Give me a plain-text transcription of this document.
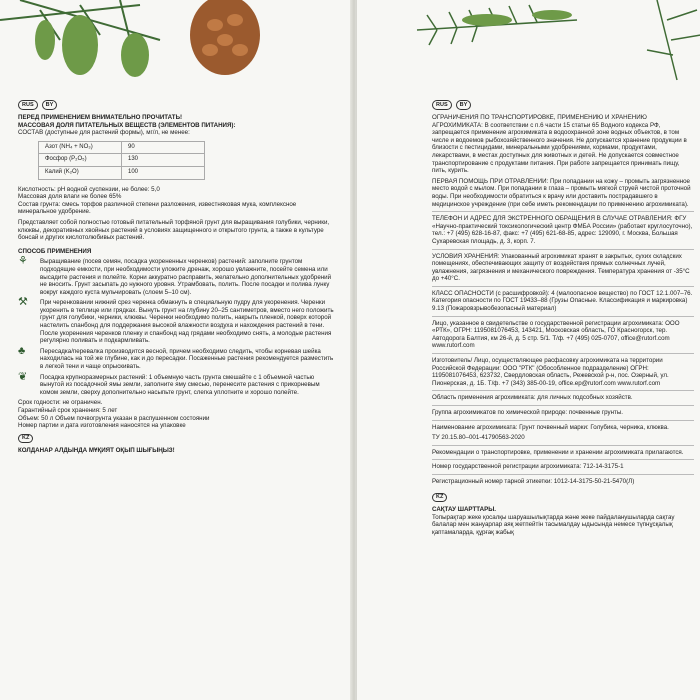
RUS	BY
ПЕРЕД ПРИМЕНЕНИЕМ ВНИМАТЕЛЬНО ПРОЧИТАТЬ!
МАССОВАЯ ДОЛЯ ПИТАТЕЛЬНЫХ ВЕЩЕСТВ (ЭЛЕМЕНТОВ ПИТАНИЯ):
СОСТАВ (доступные для растений формы), мг/л, не менее:
Азот (NH₄ + NO₃)	90
Фосфор (P₂O₅)	130
Калий (K₂O)	100
Кислотность: pH водной суспензии, не более: 5,0
Массовая доля влаги не более 65%

Состав грунта: смесь торфов различной степени разложения, известняковая мука, комплексное минеральное удобрение.

Представляет собой полностью готовый питательный торфяной грунт для выращивания голубики, черники, клюквы, декоративных хвойных растений в условиях защищенного и открытого грунта, а также в культуре бонсай и других кислотолюбивых растений.

СПОСОБ ПРИМЕНЕНИЯ
⚘	Выращивание (посев семян, посадка укорененных черенков) растений: заполните грунтом подходящие емкости, при необходимости уложите дренаж, хорошо увлажните, посейте семена или высадите растения и полейте. Корни аккуратно расправить, желательно дополнительных удобрений не вносить. Грунт засыпать до нужного уровня. Утрамбовать, полить. После посадки и полива лунку вокруг каждого куста мульчировать (слоем 5–10 см).

⚒	При черенковании нижний срез черенка обмакнуть в специальную пудру для укоренения. Черенки укоренить в теплице или грядках. Вынуть грунт на глубину 20–25 сантиметров, вместо него положить грунт для голубики, черники, клюквы. Черенки необходимо полить, накрыть пленкой, поверх которой настелить спанбонд для поддержания высокой влажности воздуха и нахождения растений в тени. После укоренения черенков пленку и спанбонд над грядами необходимо снять, а молодые растения регулярно поливать и подкармливать.

♣	Пересадка/перевалка производится весной, причем необходимо следить, чтобы корневая шейка находилась на той же глубине, как и до пересадки. Посаженные растения рекомендуется разместить в легкой тени и чаще опрыскивать.

❦	Посадка крупноразмерных растений: 1 объемную часть грунта смешайте с 1 объемной частью вынутой из посадочной ямы земли, заполните яму смесью, перенесите растения с прикорневым комом земли, сверху дополнительно насыпьте грунт, слегка уплотните и хорошо полейте.

Срок годности: не ограничен.
Гарантийный срок хранения: 5 лет
Объем: 50 л Объем почвогрунта указан в распушенном состоянии
Номер партии и дата изготовления наносятся на упаковке
KZ
КОЛДАНАР АЛДЫНДА МҰҚИЯТ ОҚЫП ШЫҒЫҢЫЗ!
RUS	BY

ОГРАНИЧЕНИЯ ПО ТРАНСПОРТИРОВКЕ, ПРИМЕНЕНИЮ И ХРАНЕНИЮ АГРОХИМИКАТА: В соответствии с п.6 части 15 статьи 65 Водного кодекса РФ, запрещается применение агрохимиката в водоохранной зоне водных объектов, в том числе и водоемов рыбохозяйственного значения. Не допускается хранение продукции в близости с пестицидами, минеральными удобрениями, кормами, продуктами, лекарствами, в местах доступных для животных и детей. Не допускается совместное транспортирование с продуктами питания. При работе запрещается принимать пищу, пить, курить.

ПЕРВАЯ ПОМОЩЬ ПРИ ОТРАВЛЕНИИ: При попадании на кожу – промыть загрязненное место водой с мылом. При попадании в глаза – промыть мягкой струей чистой проточной воды. При необходимости обратиться к врачу или доставить пострадавшего в медицинское учреждение (при себе иметь рекомендации по применению агрохимиката).

ТЕЛЕФОН И АДРЕС ДЛЯ ЭКСТРЕННОГО ОБРАЩЕНИЯ В СЛУЧАЕ ОТРАВЛЕНИЯ: ФГУ «Научно-практический токсикологический центр ФМБА России» (работает круглосуточно), тел.: +7 (495) 628-16-87, факс: +7 (495) 621-68-85, адрес: 129090, г. Москва, Большая Сухаревская площадь, д. 3, корп. 7.

УСЛОВИЯ ХРАНЕНИЯ: Упакованный агрохимикат хранят в закрытых, сухих складских помещениях, обеспечивающих защиту от воздействия прямых солнечных лучей, увлажнения, загрязнения и механического повреждения. Температура хранения от -35°С до +40°С.

КЛАСС ОПАСНОСТИ (с расшифровкой): 4 (малоопасное вещество) по ГОСТ 12.1.007–76. Категория опасности по ГОСТ 19433–88 (Грузы Опасные. Классификация и маркировка) 9.13 (Пожаровзрывобезопасный материал)

Лицо, указанное в свидетельстве о государственной регистрации агрохимиката: ООО «РТК», ОГРН: 1195081076453, 143421, Московская область, ГО Красногорск, тер. Автодорога Балтия, км 26-й, д. 5 стр. 5/1. Т/ф. +7 (495) 025-0707, office@rutorf.com www.rutorf.com

Изготовитель/ Лицо, осуществляющее расфасовку агрохимиката на территории Российской Федерации: ООО "РТК" (Обособленное подразделение) ОГРН: 1195081076453, 623732, Свердловская область, Режевской р-н, пос. Озерный, ул. Пионерская, д. 1Б. Т/ф. +7 (343) 385-00-19, office.ep@rutorf.com www.rutorf.com

Область применения агрохимиката: для личных подсобных хозяйств.

Группа агрохимикатов по химической природе: почвенные грунты.

Наименование агрохимиката: Грунт почвенный марки: Голубика, черника, клюква.

ТУ 20.15.80–001-41790563-2020

Рекомендации о транспортировке, применении и хранении агрохимиката прилагаются.

Номер государственной регистрации агрохимиката: 712-14-3175-1

Регистрационный номер тарной этикетки: 1012-14-3175-50-21-5470(Л)

KZ
САҚТАУ ШАРТТАРЫ.

Топырақтар жеке қосалқы шаруашылықтарда және жеке пайдаланушыларда сақтау балалар мен жануарлар аяқ жетпейтін тасымалдау ыдысында немесе түпнұсқалық қаптамаларда, құрғақ жабық
